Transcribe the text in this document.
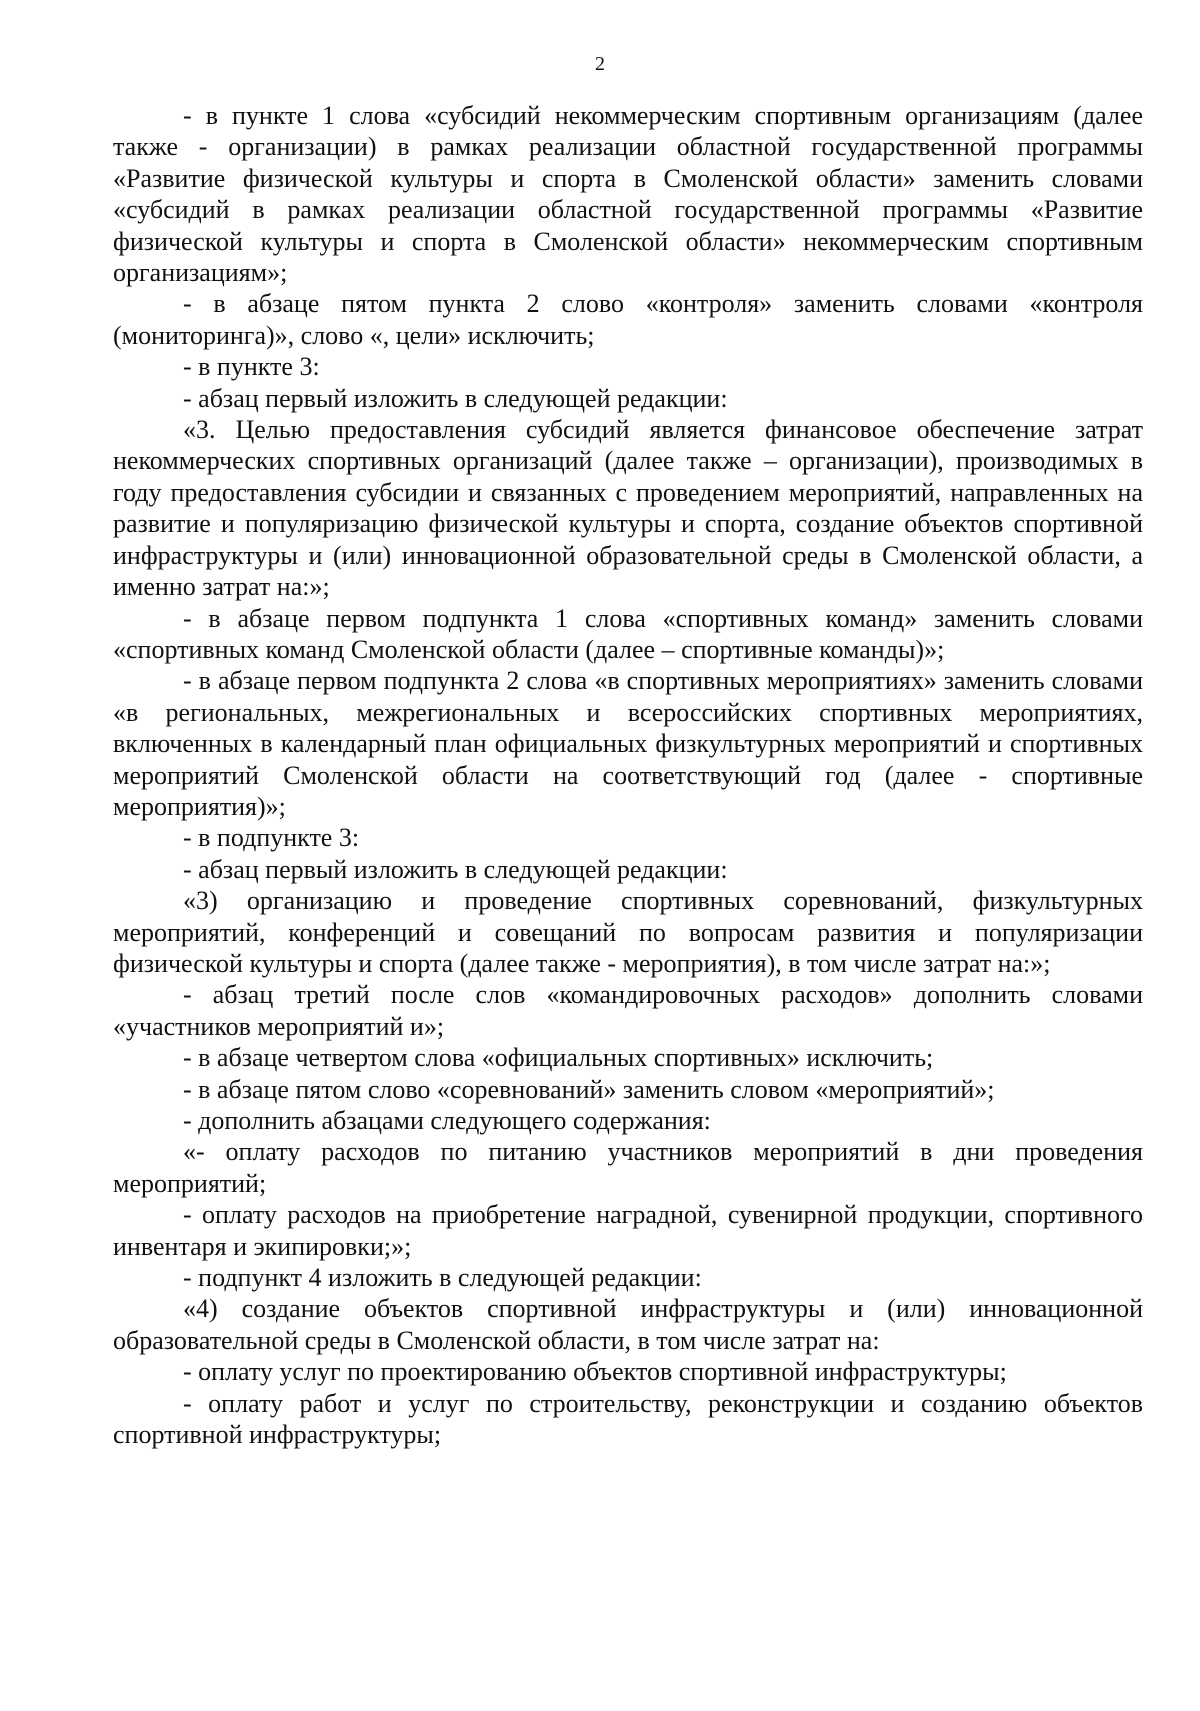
2

- в пункте 1 слова «субсидий некоммерческим спортивным организациям (далее также - организации) в рамках реализации областной государственной программы «Развитие физической культуры и спорта в Смоленской области» заменить словами «субсидий в рамках реализации областной государственной программы «Развитие физической культуры и спорта в Смоленской области» некоммерческим спортивным организациям»;

- в абзаце пятом пункта 2 слово «контроля» заменить словами «контроля (мониторинга)», слово «, цели» исключить;

- в пункте 3:

- абзац первый изложить в следующей редакции:

«3. Целью предоставления субсидий является финансовое обеспечение затрат некоммерческих спортивных организаций (далее также – организации), производимых в году предоставления субсидии и связанных с проведением мероприятий, направленных на развитие и популяризацию физической культуры и спорта, создание объектов спортивной инфраструктуры и (или) инновационной образовательной среды в Смоленской области, а именно затрат на:»;

- в абзаце первом подпункта 1 слова «спортивных команд» заменить словами «спортивных команд Смоленской области (далее – спортивные команды)»;

- в абзаце первом подпункта 2 слова «в спортивных мероприятиях» заменить словами «в региональных, межрегиональных и всероссийских спортивных мероприятиях, включенных в календарный план официальных физкультурных мероприятий и спортивных мероприятий Смоленской области на соответствующий год (далее - спортивные мероприятия)»;

- в подпункте 3:

- абзац первый изложить в следующей редакции:

«3) организацию и проведение спортивных соревнований, физкультурных мероприятий, конференций и совещаний по вопросам развития и популяризации физической культуры и спорта (далее также - мероприятия), в том числе затрат на:»;

- абзац третий после слов «командировочных расходов» дополнить словами «участников мероприятий и»;

- в абзаце четвертом слова «официальных спортивных» исключить;

- в абзаце пятом слово «соревнований» заменить словом «мероприятий»;

- дополнить абзацами следующего содержания:

«- оплату расходов по питанию участников мероприятий в дни проведения мероприятий;

- оплату расходов на приобретение наградной, сувенирной продукции, спортивного инвентаря и экипировки;»;

- подпункт 4 изложить в следующей редакции:

«4) создание объектов спортивной инфраструктуры и (или) инновационной образовательной среды в Смоленской области, в том числе затрат на:

- оплату услуг по проектированию объектов спортивной инфраструктуры;

- оплату работ и услуг по строительству, реконструкции и созданию объектов спортивной инфраструктуры;
